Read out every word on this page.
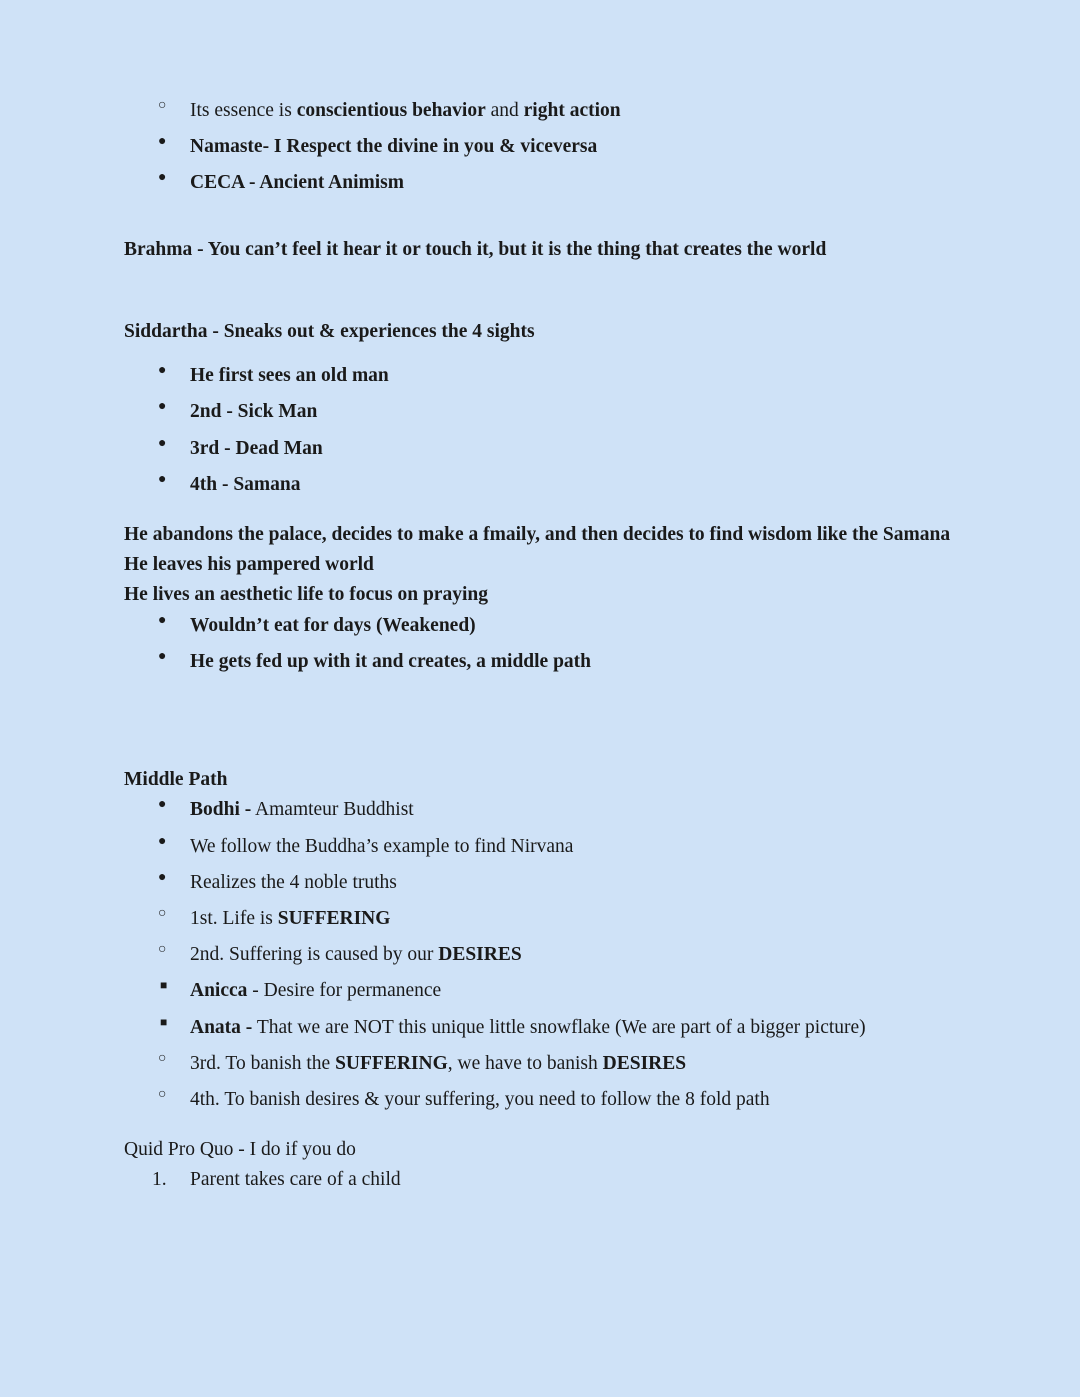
○ Its essence is conscientious behavior and right action
● Namaste- I Respect the divine in you & viceversa
● CECA - Ancient Animism

Brahma - You can’t feel it hear it or touch it, but it is the thing that creates the world

Siddartha - Sneaks out & experiences the 4 sights

● He first sees an old man
● 2nd - Sick Man
● 3rd - Dead Man
● 4th - Samana

He abandons the palace, decides to make a fmaily, and then decides to find wisdom like the Samana

He leaves his pampered world

He lives an aesthetic life to focus on praying

● Wouldn’t eat for days (Weakened)
● He gets fed up with it and creates, a middle path

Middle Path

● Bodhi - Amamteur Buddhist
● We follow the Buddha’s example to find Nirvana
● Realizes the 4 noble truths
○ 1st. Life is SUFFERING
○ 2nd. Suffering is caused by our DESIRES
■ Anicca - Desire for permanence
■ Anata - That we are NOT this unique little snowflake (We are part of a bigger picture)
○ 3rd. To banish the SUFFERING, we have to banish DESIRES
○ 4th. To banish desires & your suffering, you need to follow the 8 fold path

Quid Pro Quo - I do if you do

Parent takes care of a child
